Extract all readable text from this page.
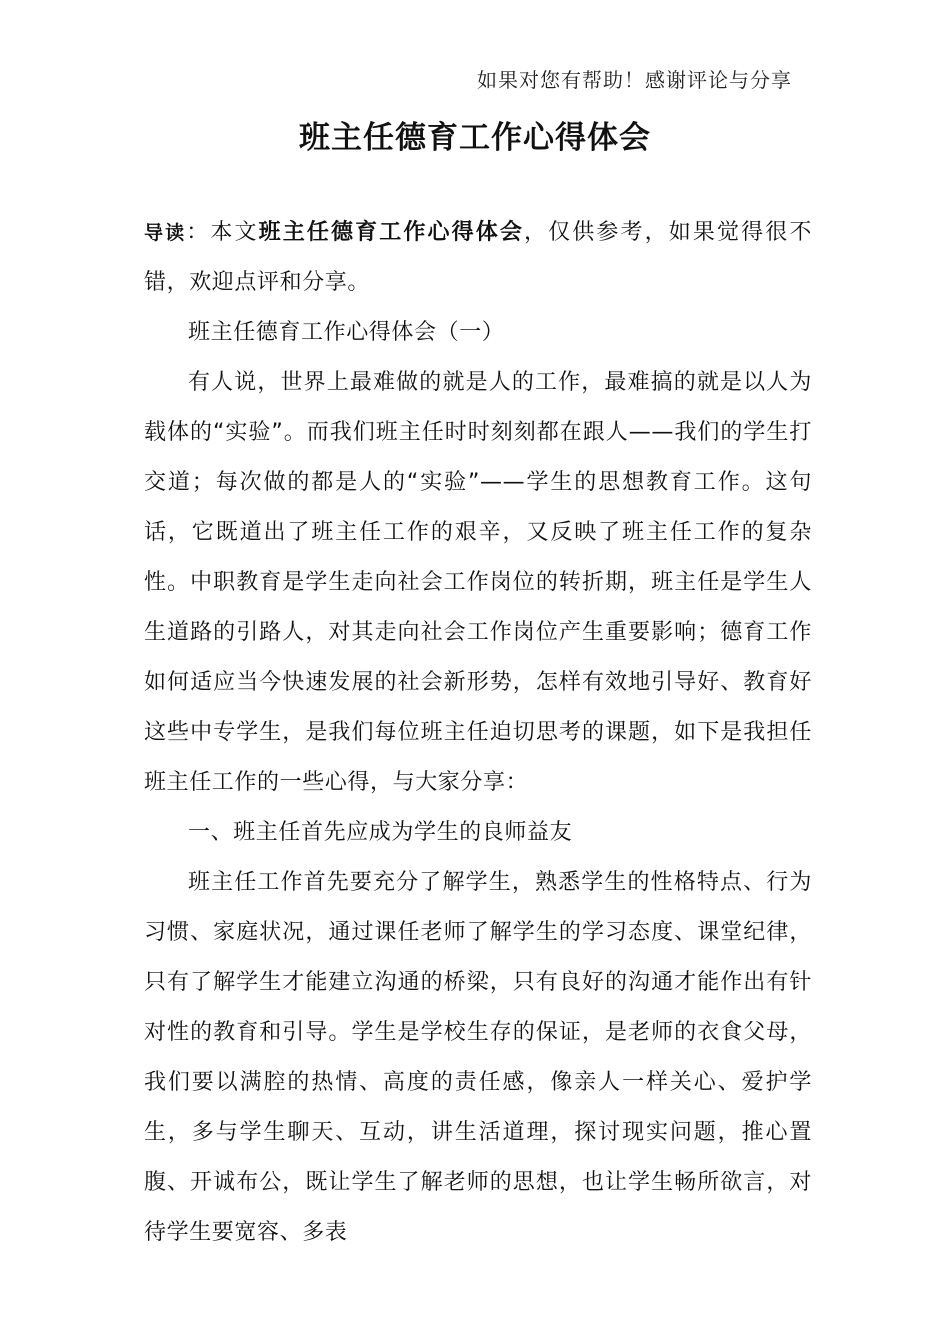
如果对您有帮助！感谢评论与分享
班主任德育工作心得体会

导读：本文班主任德育工作心得体会，仅供参考，如果觉得很不错，欢迎点评和分享。

班主任德育工作心得体会（一）

有人说，世界上最难做的就是人的工作，最难搞的就是以人为载体的“实验”。而我们班主任时时刻刻都在跟人——我们的学生打交道；每次做的都是人的“实验”——学生的思想教育工作。这句话，它既道出了班主任工作的艰辛，又反映了班主任工作的复杂性。中职教育是学生走向社会工作岗位的转折期，班主任是学生人生道路的引路人，对其走向社会工作岗位产生重要影响；德育工作如何适应当今快速发展的社会新形势，怎样有效地引导好、教育好这些中专学生，是我们每位班主任迫切思考的课题，如下是我担任班主任工作的一些心得，与大家分享：

一、班主任首先应成为学生的良师益友

班主任工作首先要充分了解学生，熟悉学生的性格特点、行为习惯、家庭状况，通过课任老师了解学生的学习态度、课堂纪律，只有了解学生才能建立沟通的桥梁，只有良好的沟通才能作出有针对性的教育和引导。学生是学校生存的保证，是老师的衣食父母，我们要以满腔的热情、高度的责任感，像亲人一样关心、爱护学生，多与学生聊天、互动，讲生活道理，探讨现实问题，推心置腹、开诚布公，既让学生了解老师的思想，也让学生畅所欲言，对待学生要宽容、多表
